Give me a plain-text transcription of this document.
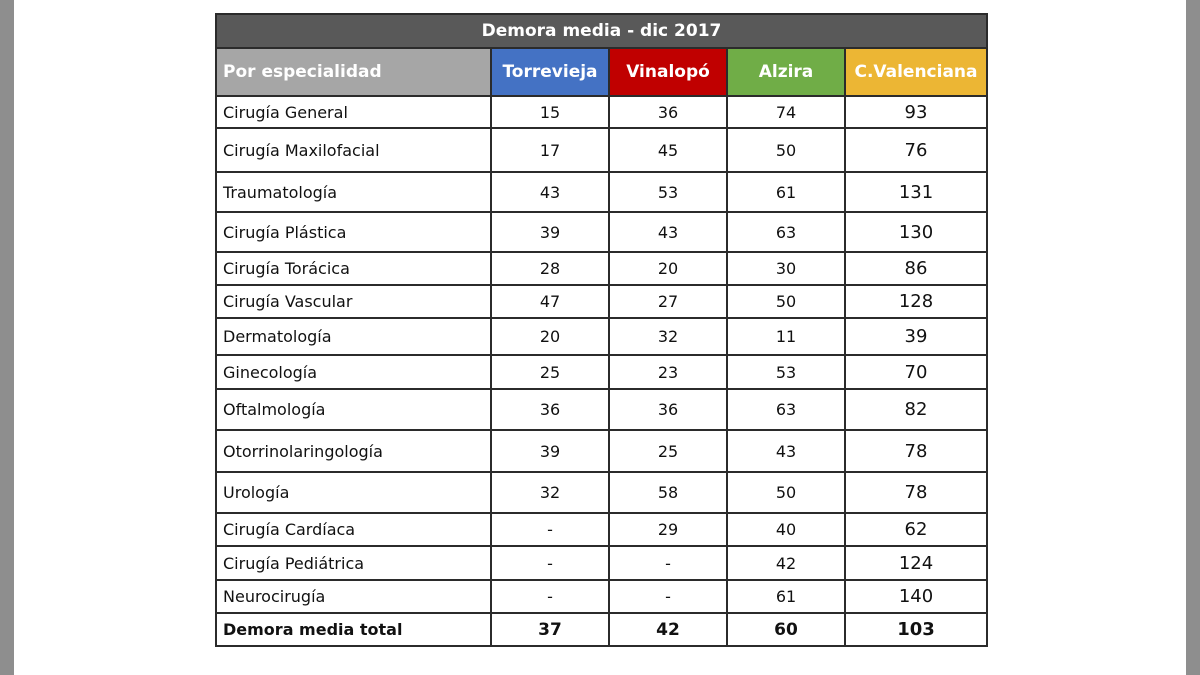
Demora media - dic 2017				
Por especialidad	Torrevieja	Vinalopó	Alzira	C.Valenciana
Cirugía General	15	36	74	93
Cirugía Maxilofacial	17	45	50	76
Traumatología	43	53	61	131
Cirugía Plástica	39	43	63	130
Cirugía Torácica	28	20	30	86
Cirugía Vascular	47	27	50	128
Dermatología	20	32	11	39
Ginecología	25	23	53	70
Oftalmología	36	36	63	82
Otorrinolaringología	39	25	43	78
Urología	32	58	50	78
Cirugía Cardíaca	-	29	40	62
Cirugía Pediátrica	-	-	42	124
Neurocirugía	-	-	61	140
Demora media total	37	42	60	103
